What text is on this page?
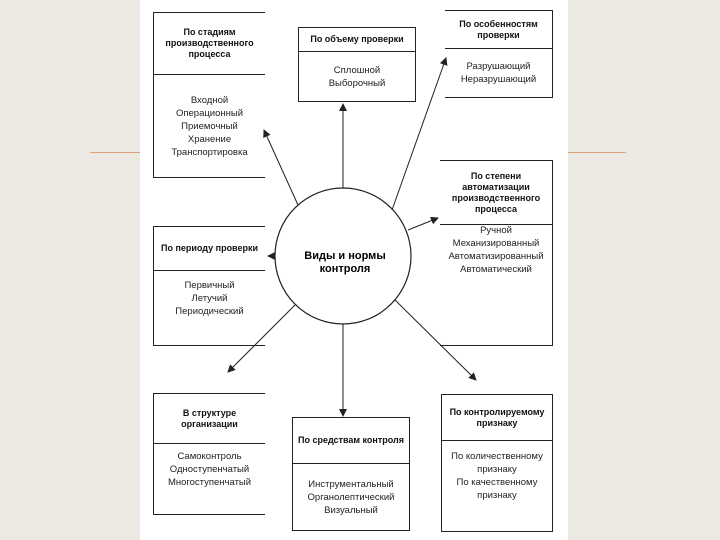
По стадиям производственного процесса
Входной
Операционный
Приемочный
Хранение
Транспортировка
По объему проверки
Сплошной
Выборочный
По особенностям проверки
Разрушающий
Неразрушающий
По степени автоматизации производственного процесса
Ручной
Механизированный
Автоматизированный
Автоматический
По периоду проверки
Первичный
Летучий
Периодический
В структуре организации
Самоконтроль
Одноступенчатый
Многоступенчатый
По средствам контроля
Инструментальный
Органолептический
Визуальный
По контролируемому признаку
По количественному признаку
По качественному признаку
Виды и нормы
контроля
